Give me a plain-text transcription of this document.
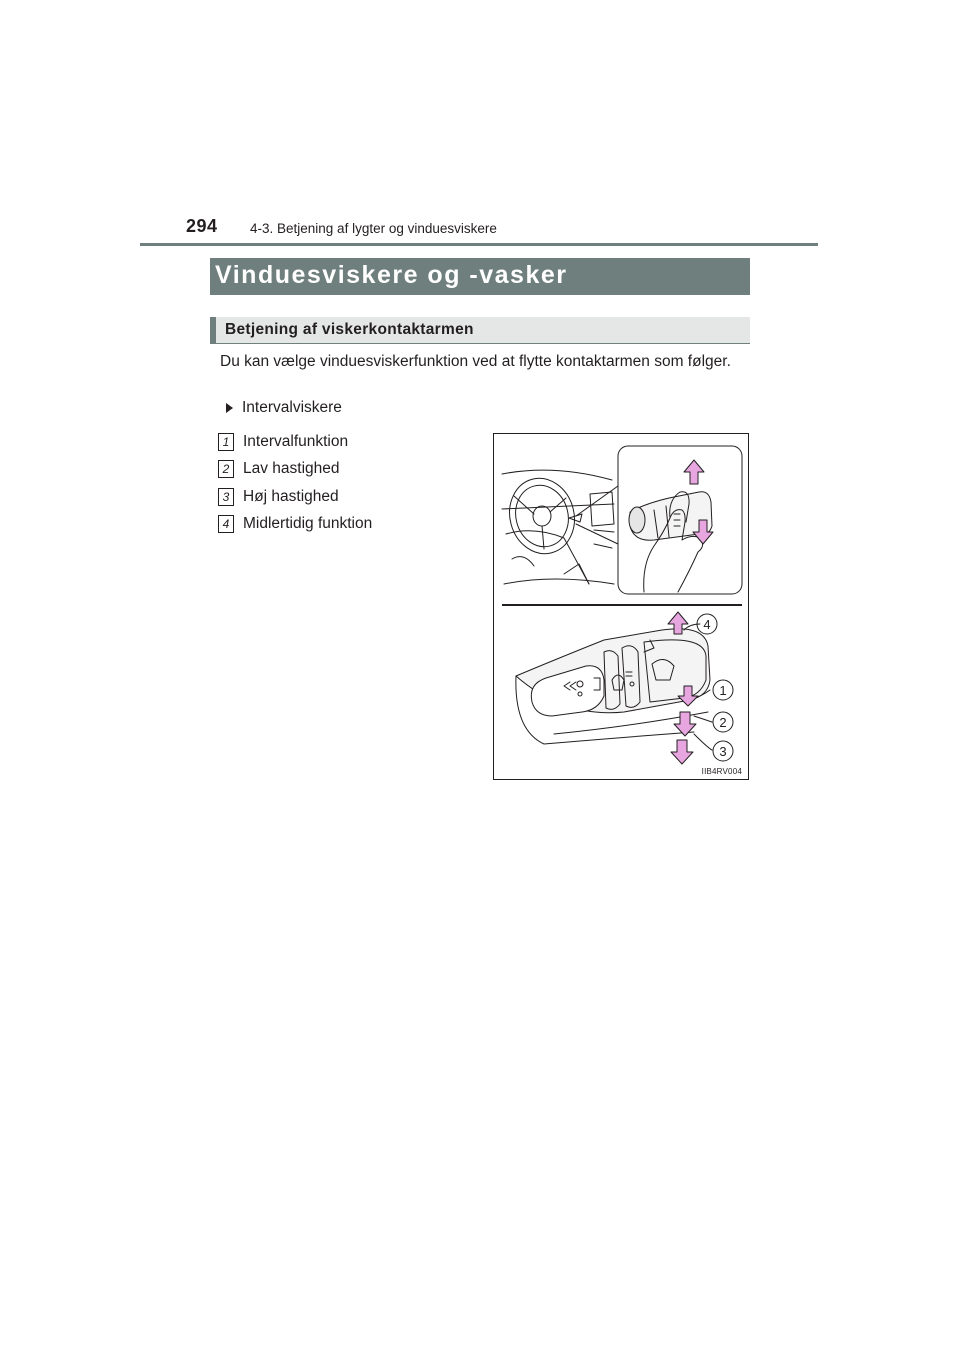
294 4-3. Betjening af lygter og vinduesviskere
Vinduesviskere og -vasker
Betjening af viskerkontaktarmen
Du kan vælge vinduesviskerfunktion ved at flytte kontaktarmen som følger.
Intervalviskere
1 Intervalfunktion
2 Lav hastighed
3 Høj hastighed
4 Midlertidig funktion
4
1
2
3
IIB4RV004
